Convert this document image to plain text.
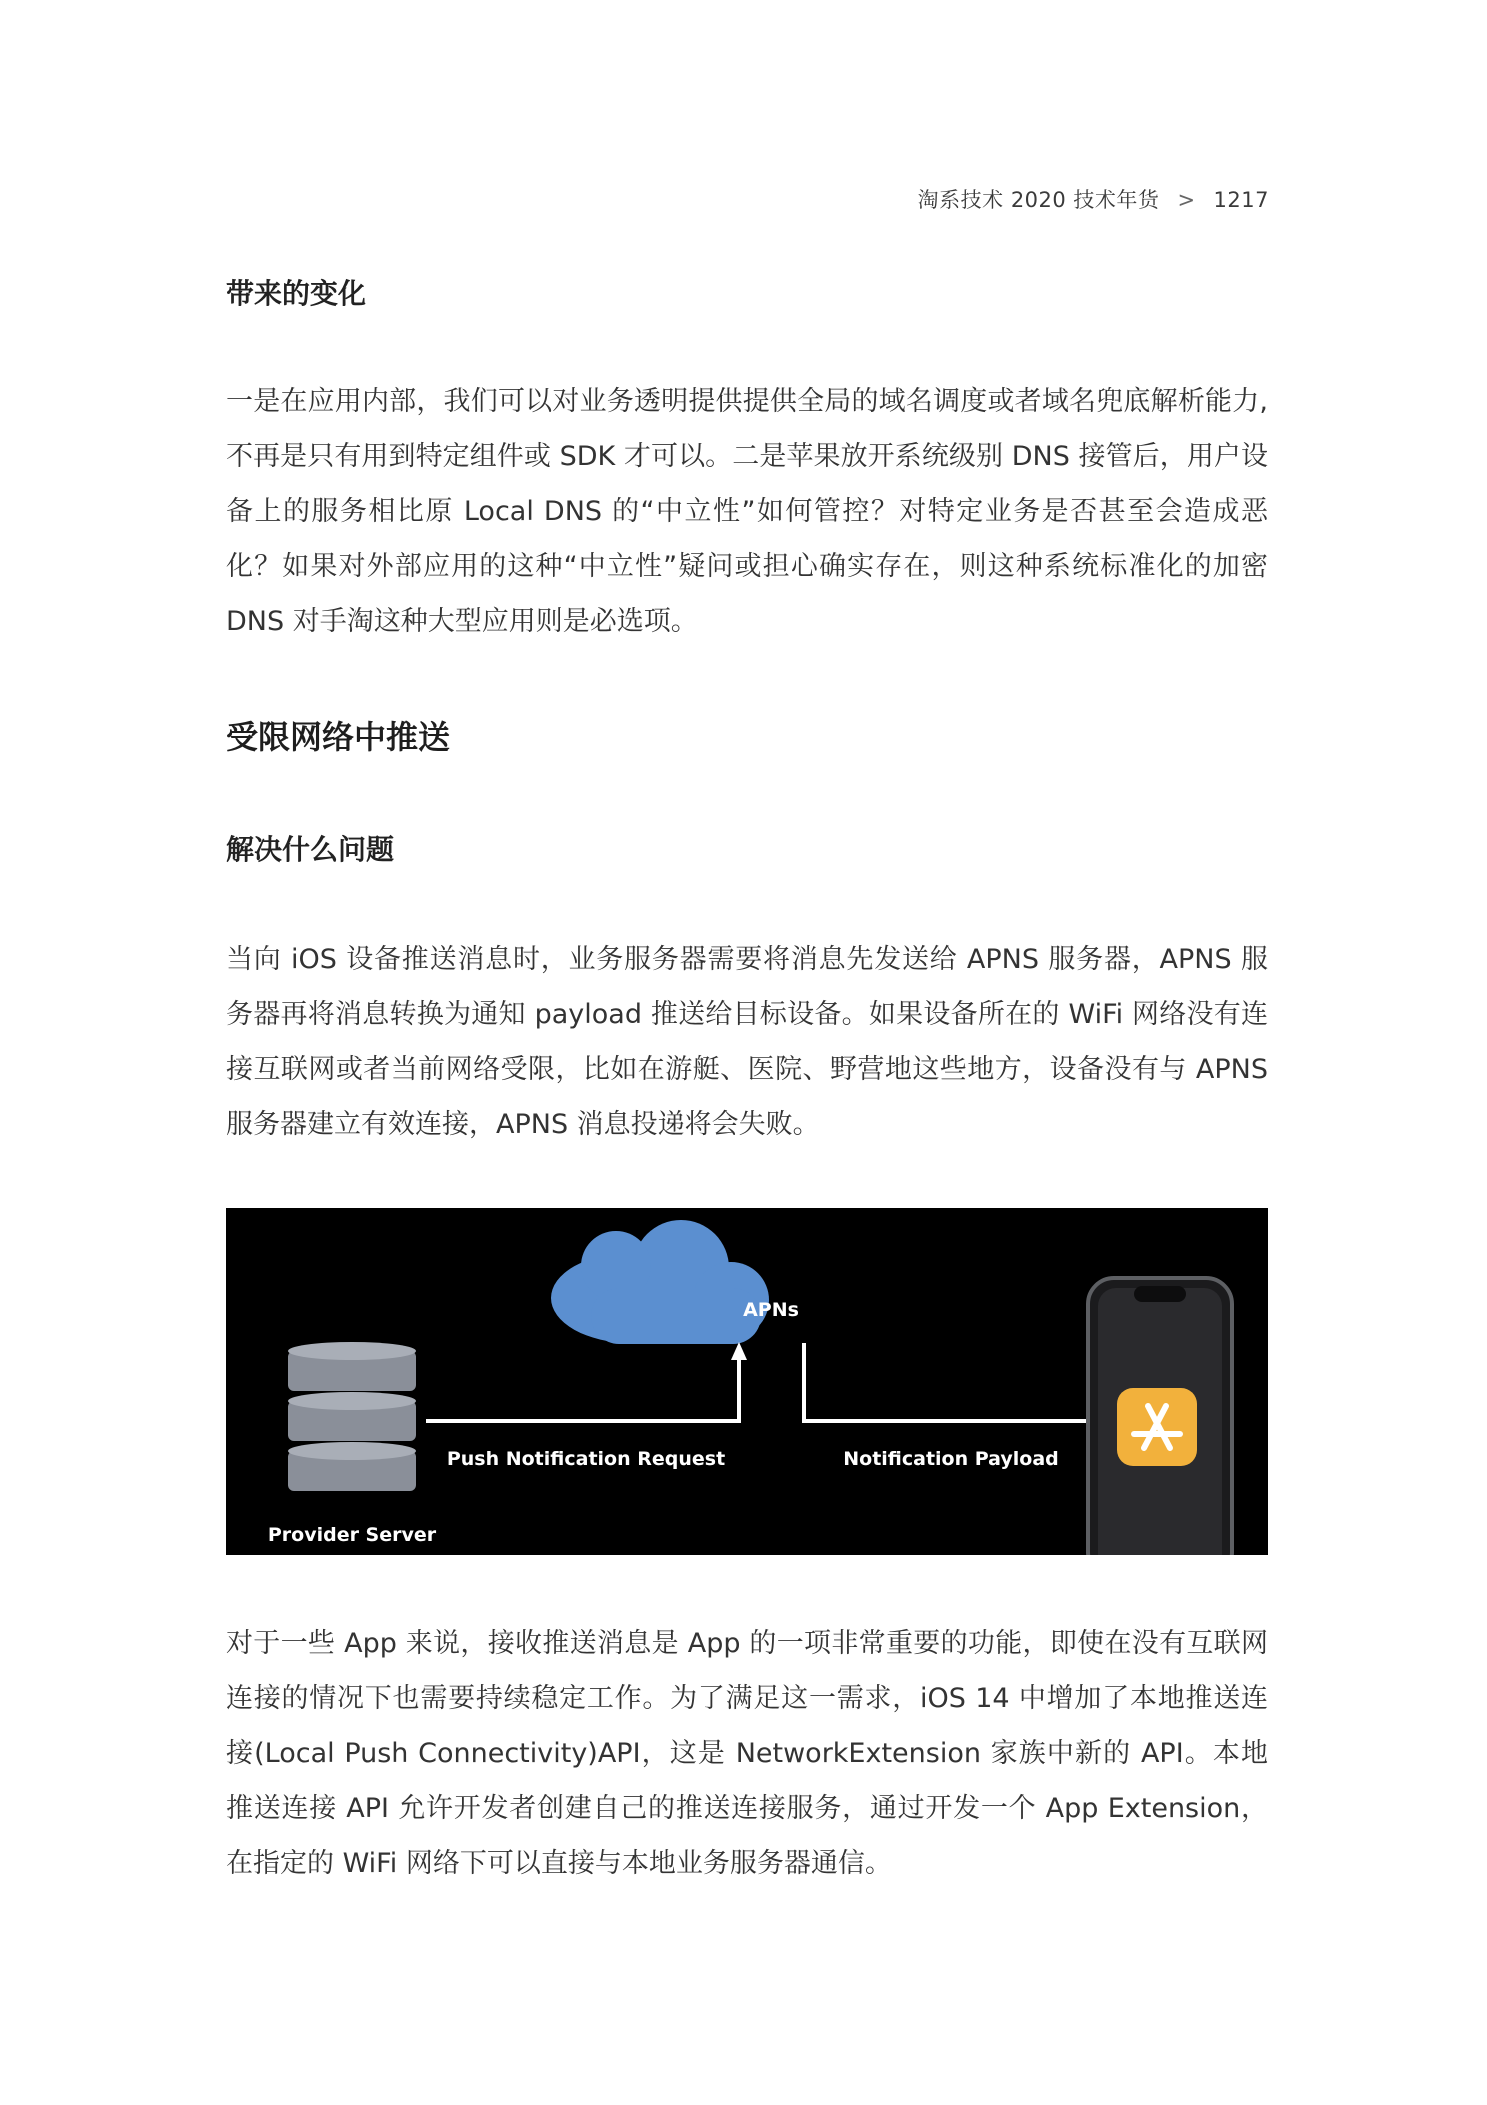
淘系技术 2020 技术年货 > 1217
带来的变化
一是在应用内部，我们可以对业务透明提供提供全局的域名调度或者域名兜底解析能力,不再是只有用到特定组件或 SDK 才可以。二是苹果放开系统级别 DNS 接管后，用户设备上的服务相比原 Local DNS 的“中立性”如何管控？对特定业务是否甚至会造成恶化？如果对外部应用的这种“中立性”疑问或担心确实存在，则这种系统标准化的加密 DNS 对手淘这种大型应用则是必选项。
受限网络中推送
解决什么问题
当向 iOS 设备推送消息时，业务服务器需要将消息先发送给 APNS 服务器，APNS 服务器再将消息转换为通知 payload 推送给目标设备。如果设备所在的 WiFi 网络没有连接互联网或者当前网络受限，比如在游艇、医院、野营地这些地方，设备没有与 APNS 服务器建立有效连接，APNS 消息投递将会失败。
APNs
Provider Server
Push Notification Request	Notification Payload
对于一些 App 来说，接收推送消息是 App 的一项非常重要的功能，即使在没有互联网连接的情况下也需要持续稳定工作。为了满足这一需求，iOS 14 中增加了本地推送连接(Local Push Connectivity)API，这是 NetworkExtension 家族中新的 API。本地推送连接 API 允许开发者创建自己的推送连接服务，通过开发一个 App Extension，在指定的 WiFi 网络下可以直接与本地业务服务器通信。
